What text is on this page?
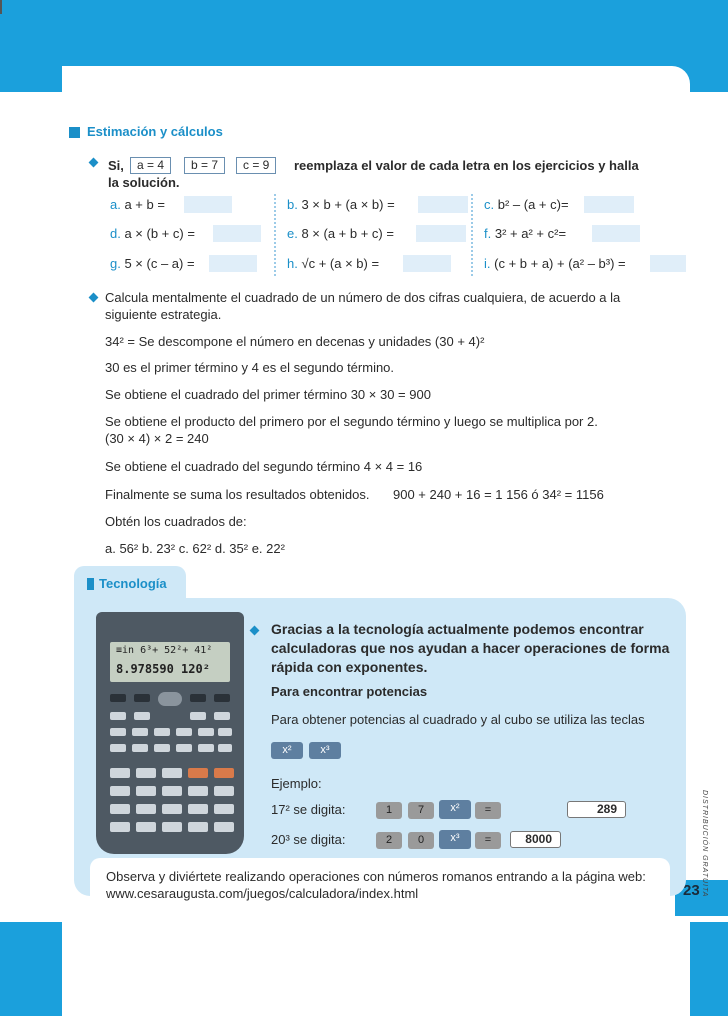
23 DISTRIBUCIÓN GRATUITA
Estimación y cálculos
Si,	a = 4	b = 7	c = 9	reemplaza el valor de cada letra en los ejercicios y halla
la solución.
a. a + b =	b. 3 × b + (a × b) =	c. b² – (a + c)=
d. a × (b + c) =	e. 8 × (a + b + c) =	f. 3² + a² + c²=
g. 5 × (c – a) =	h. √c + (a × b) =	i. (c + b + a) + (a² – b³) =
Calcula mentalmente el cuadrado de un número de dos cifras cualquiera, de acuerdo a la
siguiente estrategia.
34² = Se descompone el número en decenas y unidades (30 + 4)²
30 es el primer término y 4 es el segundo término.
Se obtiene el cuadrado del primer término 30 × 30 = 900
Se obtiene el producto del primero por el segundo término y luego se multiplica por 2.
(30 × 4) × 2 = 240
Se obtiene el cuadrado del segundo término 4 × 4 = 16
Finalmente se suma los resultados obtenidos. 900 + 240 + 16 = 1 156 ó 34² = 1156
Obtén los cuadrados de:
a. 56² b. 23² c. 62² d. 35² e. 22²
Tecnología
≡in 6³+ 52²+ 41²
8.978590 120²
Gracias a la tecnología actualmente podemos encontrar
calculadoras que nos ayudan a hacer operaciones de forma
rápida con exponentes.
Para encontrar potencias
Para obtener potencias al cuadrado y al cubo se utiliza las teclas
x²	x³
Ejemplo:
17² se digita:	1	7	x²	=	289
20³ se digita:	2	0	x³	=	8000
Observa y diviértete realizando operaciones con números romanos entrando a la página web:
www.cesaraugusta.com/juegos/calculadora/index.html
